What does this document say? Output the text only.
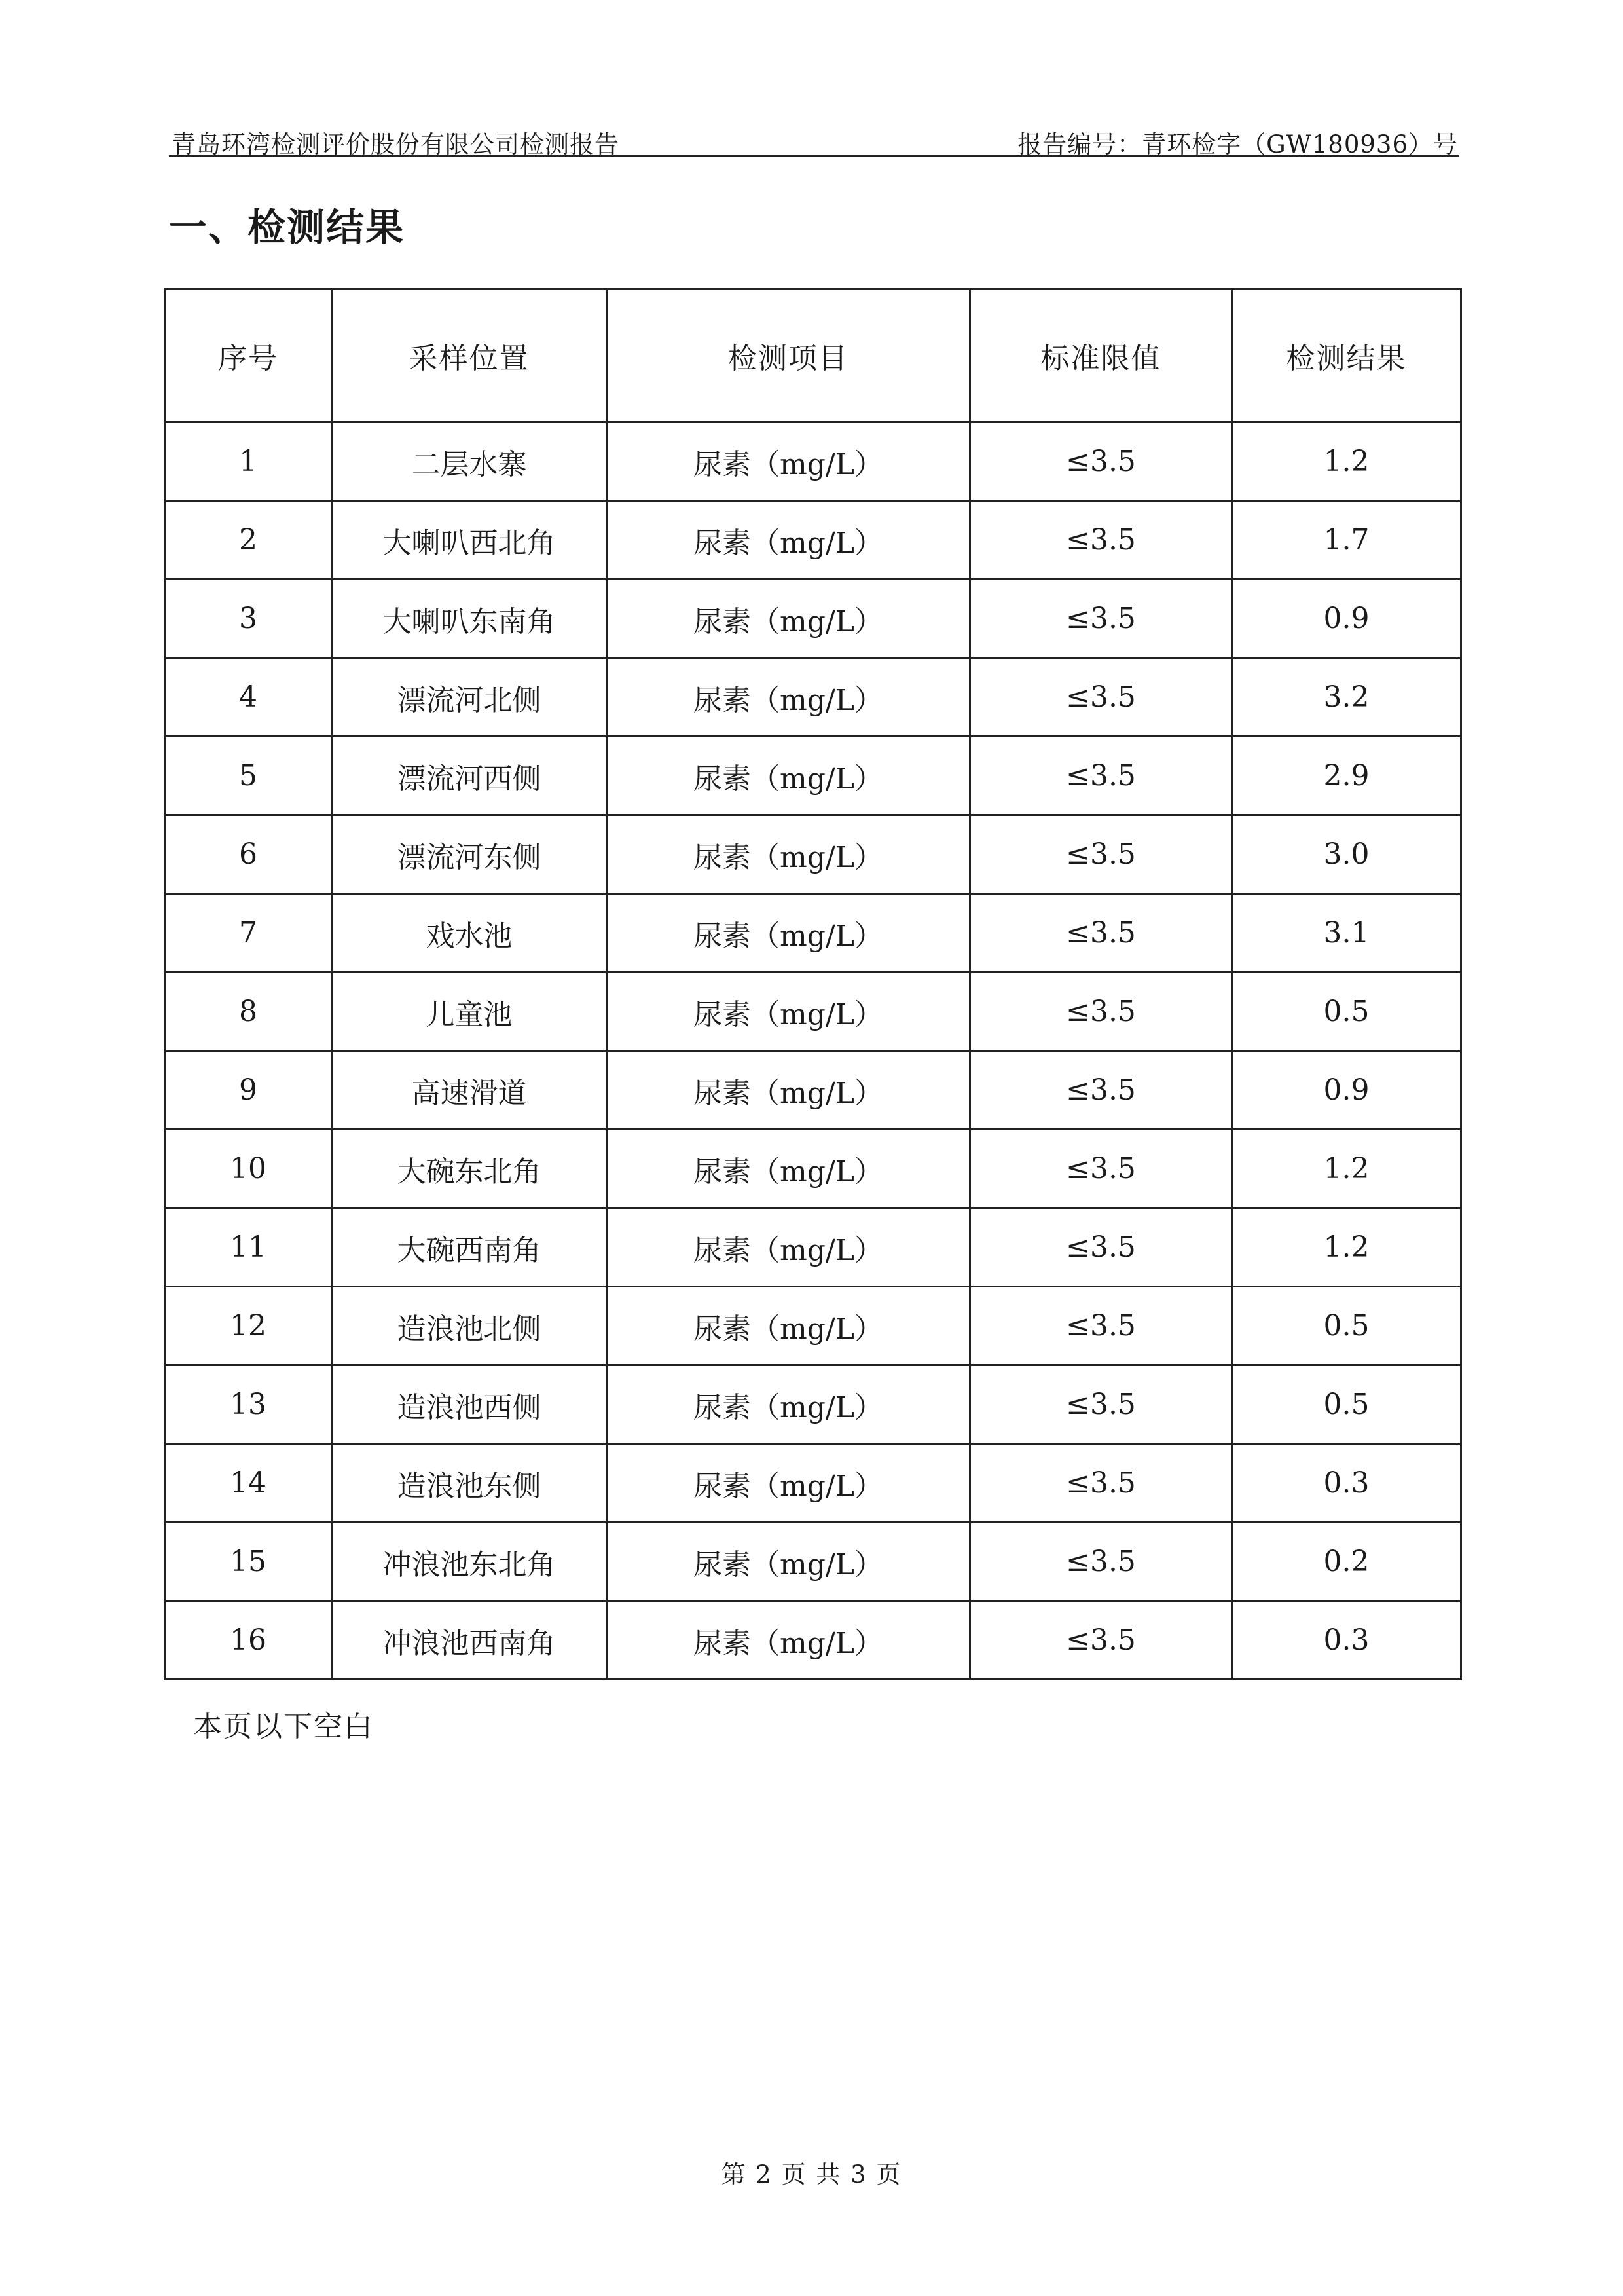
青岛环湾检测评价股份有限公司检测报告	报告编号：青环检字（GW180936）号
一、检测结果
序号	采样位置	检测项目	标准限值	检测结果
1	二层水寨	尿素（mg/L）	≤3.5	1.2
2	大喇叭西北角	尿素（mg/L）	≤3.5	1.7
3	大喇叭东南角	尿素（mg/L）	≤3.5	0.9
4	漂流河北侧	尿素（mg/L）	≤3.5	3.2
5	漂流河西侧	尿素（mg/L）	≤3.5	2.9
6	漂流河东侧	尿素（mg/L）	≤3.5	3.0
7	戏水池	尿素（mg/L）	≤3.5	3.1
8	儿童池	尿素（mg/L）	≤3.5	0.5
9	高速滑道	尿素（mg/L）	≤3.5	0.9
10	大碗东北角	尿素（mg/L）	≤3.5	1.2
11	大碗西南角	尿素（mg/L）	≤3.5	1.2
12	造浪池北侧	尿素（mg/L）	≤3.5	0.5
13	造浪池西侧	尿素（mg/L）	≤3.5	0.5
14	造浪池东侧	尿素（mg/L）	≤3.5	0.3
15	冲浪池东北角	尿素（mg/L）	≤3.5	0.2
16	冲浪池西南角	尿素（mg/L）	≤3.5	0.3
本页以下空白
第 2 页 共 3 页
